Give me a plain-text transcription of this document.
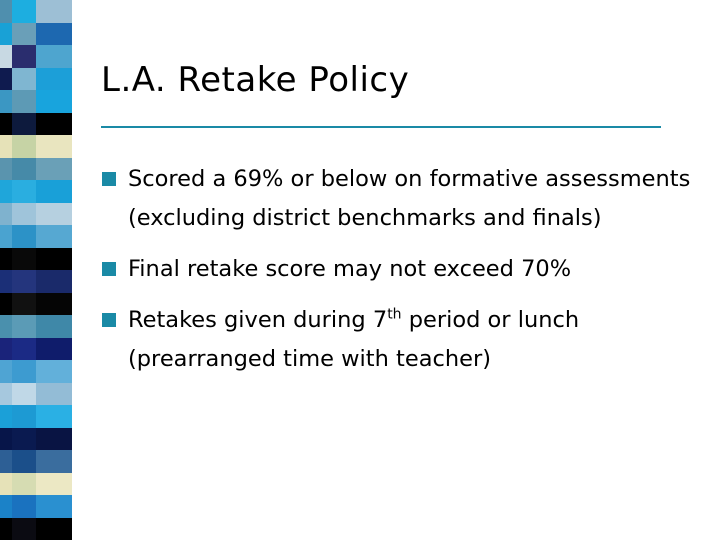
L.A. Retake Policy
Scored a 69% or below on formative assessments (excluding district benchmarks and finals)
Final retake score may not exceed 70%
Retakes given during 7th period or lunch (prearranged time with teacher)
